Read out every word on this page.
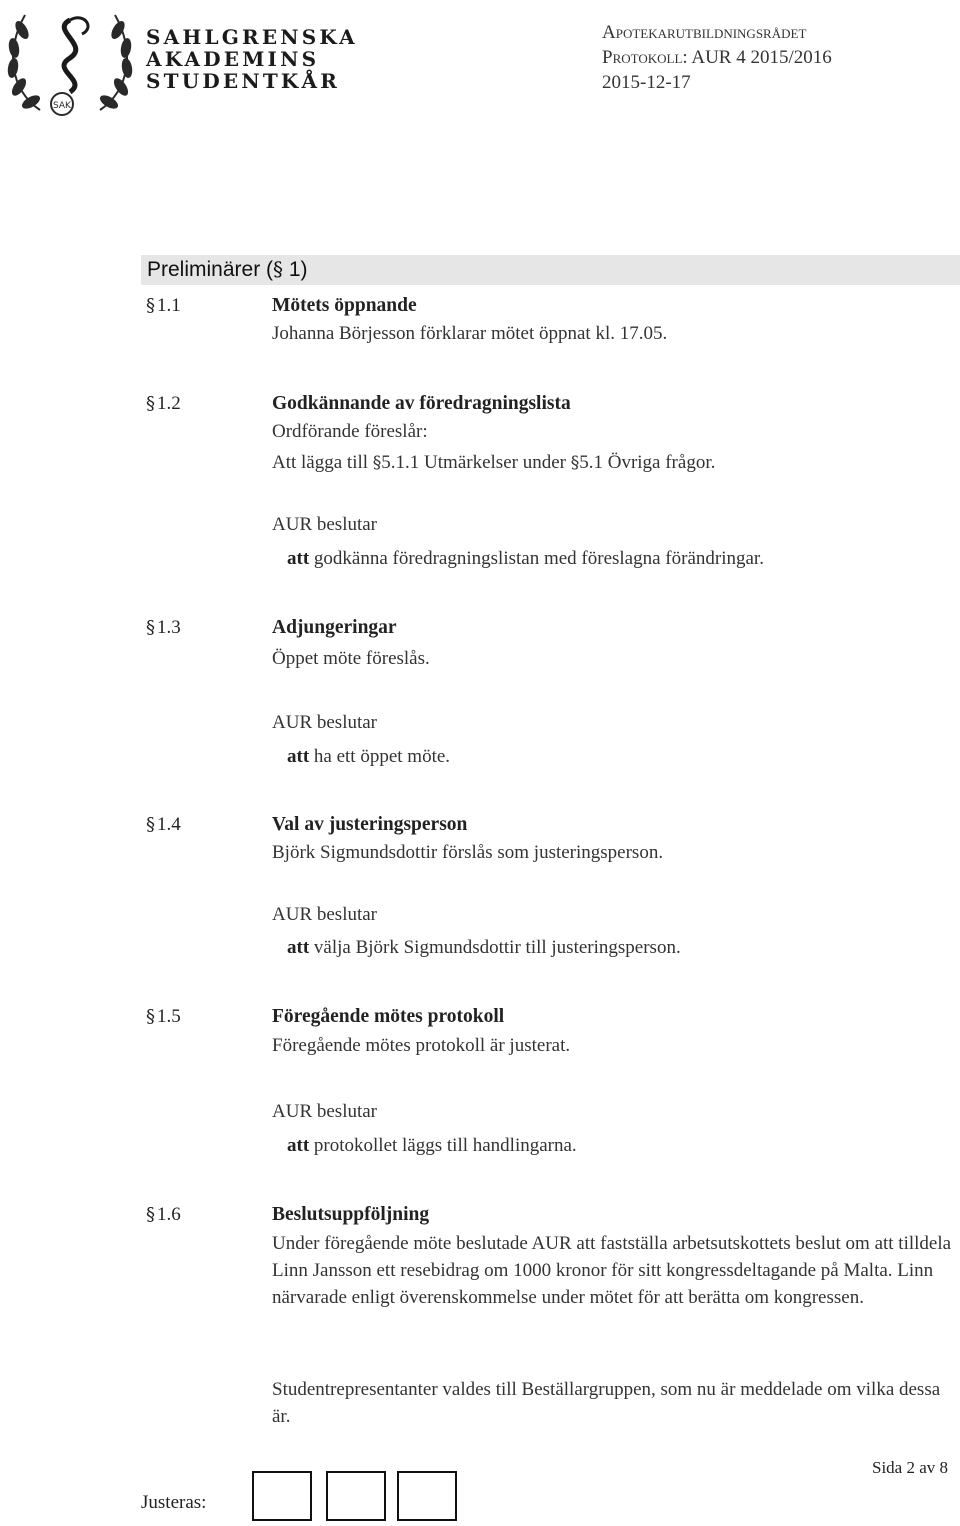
SAK
SAHLGRENSKA
AKADEMINS
STUDENTKÅR
Apotekarutbildningsrådet
Protokoll: AUR 4 2015/2016
2015-12-17
Preliminärer (§ 1)
§ 1.1	Mötets öppnande
Johanna Börjesson förklarar mötet öppnat kl. 17.05.
§ 1.2	Godkännande av föredragningslista
Ordförande föreslår:
Att lägga till §5.1.1 Utmärkelser under §5.1 Övriga frågor.
AUR beslutar
att godkänna föredragningslistan med föreslagna förändringar.
§ 1.3	Adjungeringar
Öppet möte föreslås.
AUR beslutar
att ha ett öppet möte.
§ 1.4	Val av justeringsperson
Björk Sigmundsdottir förslås som justeringsperson.
AUR beslutar
att välja Björk Sigmundsdottir till justeringsperson.
§ 1.5	Föregående mötes protokoll
Föregående mötes protokoll är justerat.
AUR beslutar
att protokollet läggs till handlingarna.
§ 1.6	Beslutsuppföljning
Under föregående möte beslutade AUR att fastställa arbetsutskottets beslut om att tilldela Linn Jansson ett resebidrag om 1000 kronor för sitt kongressdeltagande på Malta. Linn närvarade enligt överenskommelse under mötet för att berätta om kongressen.
Studentrepresentanter valdes till Beställargruppen, som nu är meddelade om vilka dessa är.
Sida 2 av 8
Justeras:
